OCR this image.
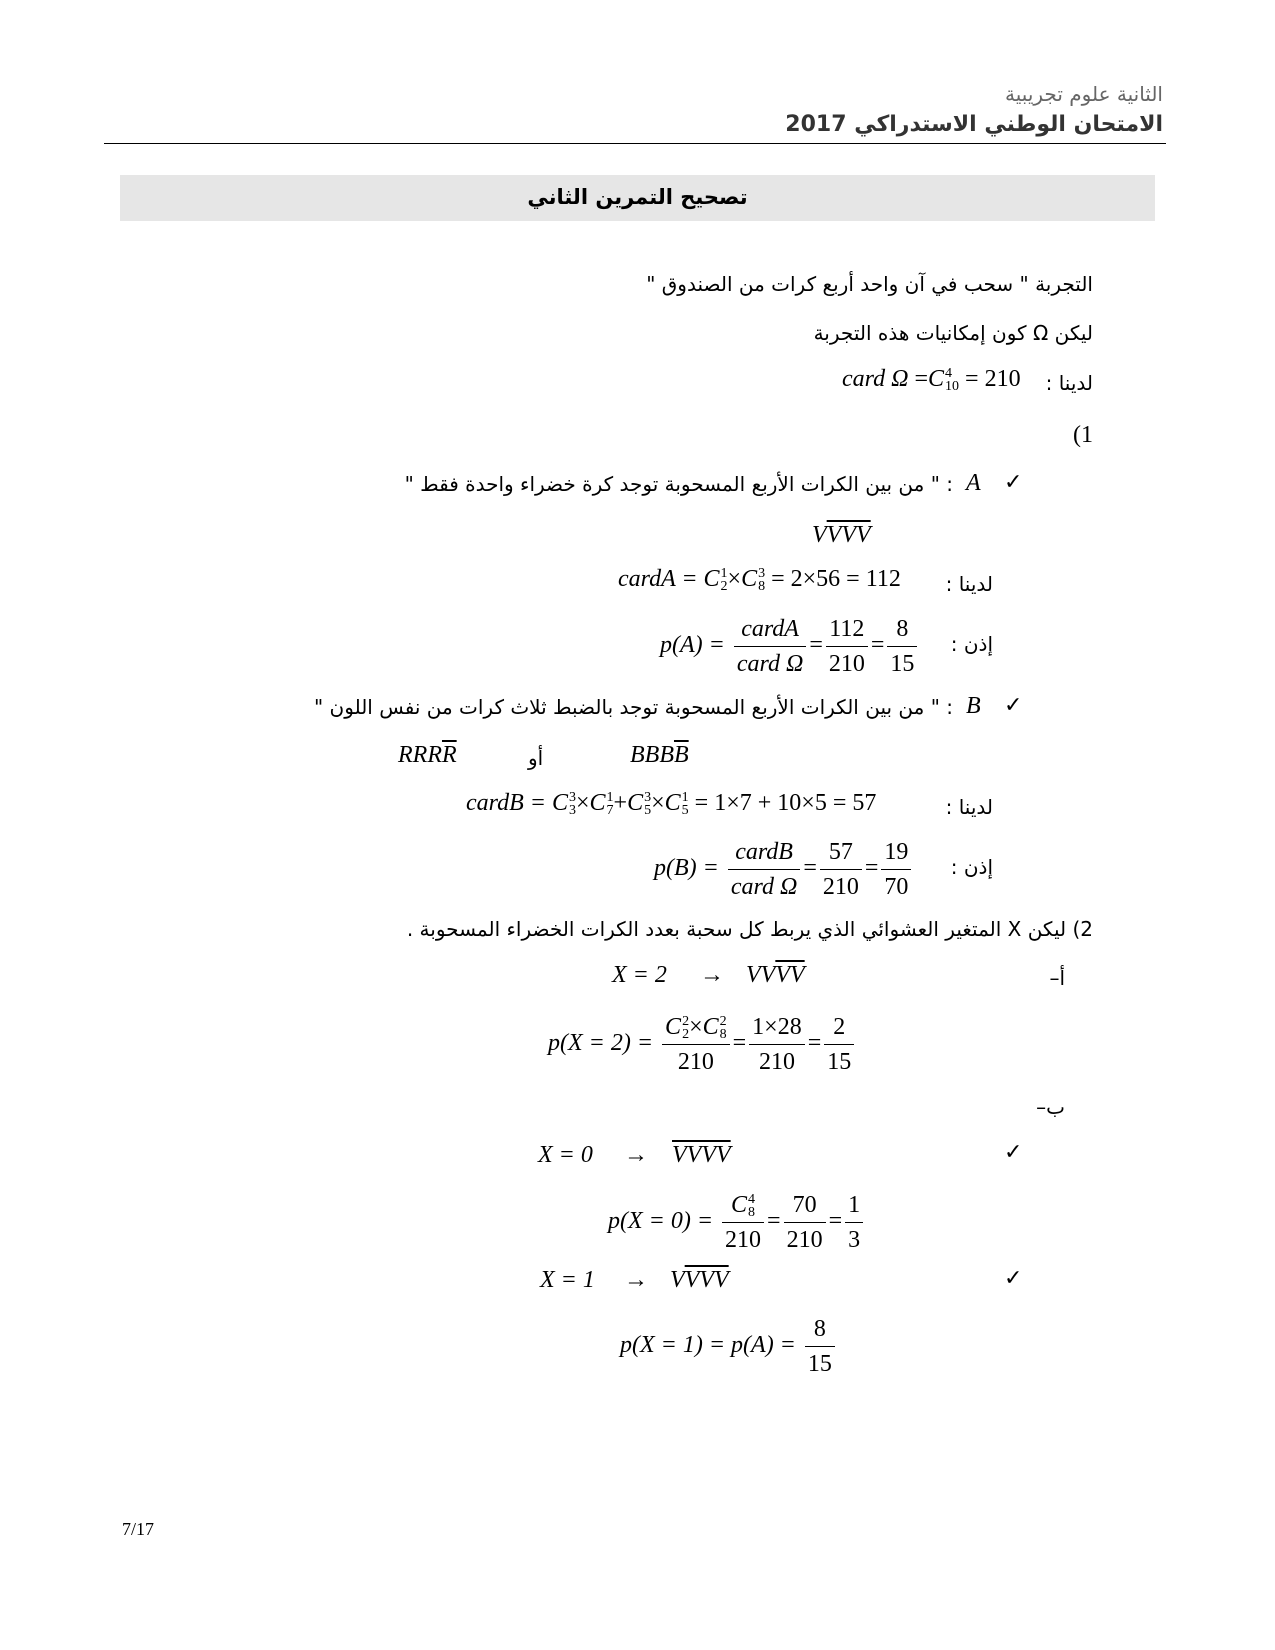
الثانية علوم تجريبية
الامتحان الوطني الاستدراكي 2017
تصحيح التمرين الثاني
التجربة " سحب في آن واحد أربع كرات من الصندوق "
ليكن Ω كون إمكانيات هذه التجربة
لدينا :
card Ω =C 4
10 = 210
(1
✓
A
: " من بين الكرات الأربع المسحوبة توجد كرة خضراء واحدة فقط "
$V\overline{VVV}$
لدينا :
cardA = C 1
2 ×C 3
8 = 2×56 = 112
إذن :
$p(A) = \frac{\text{cardA}}{\text{card Ω}} = \frac{112}{210} = \frac{8}{15}$
✓
B
: " من بين الكرات الأربع المسحوبة توجد بالضبط ثلاث كرات من نفس اللون "
$RRR\overline{R}$	أو	$BBB\overline{B}$
لدينا :
cardB = C 3
3 ×C 1
7 +C 3
5 ×C 1
5 = 1×7 + 10×5 = 57
إذن :
$p(B) = \frac{\text{cardB}}{\text{card Ω}} = \frac{57}{210} = \frac{19}{70}$
2) ليكن X المتغير العشوائي الذي يربط كل سحبة بعدد الكرات الخضراء المسحوبة .
أ–
$X = 2 \to VV\overline{VV}$
p(X = 2) = C 2
2 ×C 2
8
$210 = \frac{1\times 28}{210} = \frac{2}{15}$
ب–
✓
X = 0 → VVVV
p(X = 0) = C 4
8
$210 = \frac{70}{210} = \frac{1}{3}$
✓
$X = 1 \to V\overline{VVV}$
$p(X = 1) = p(A) = \frac{8}{15}$
7/17
